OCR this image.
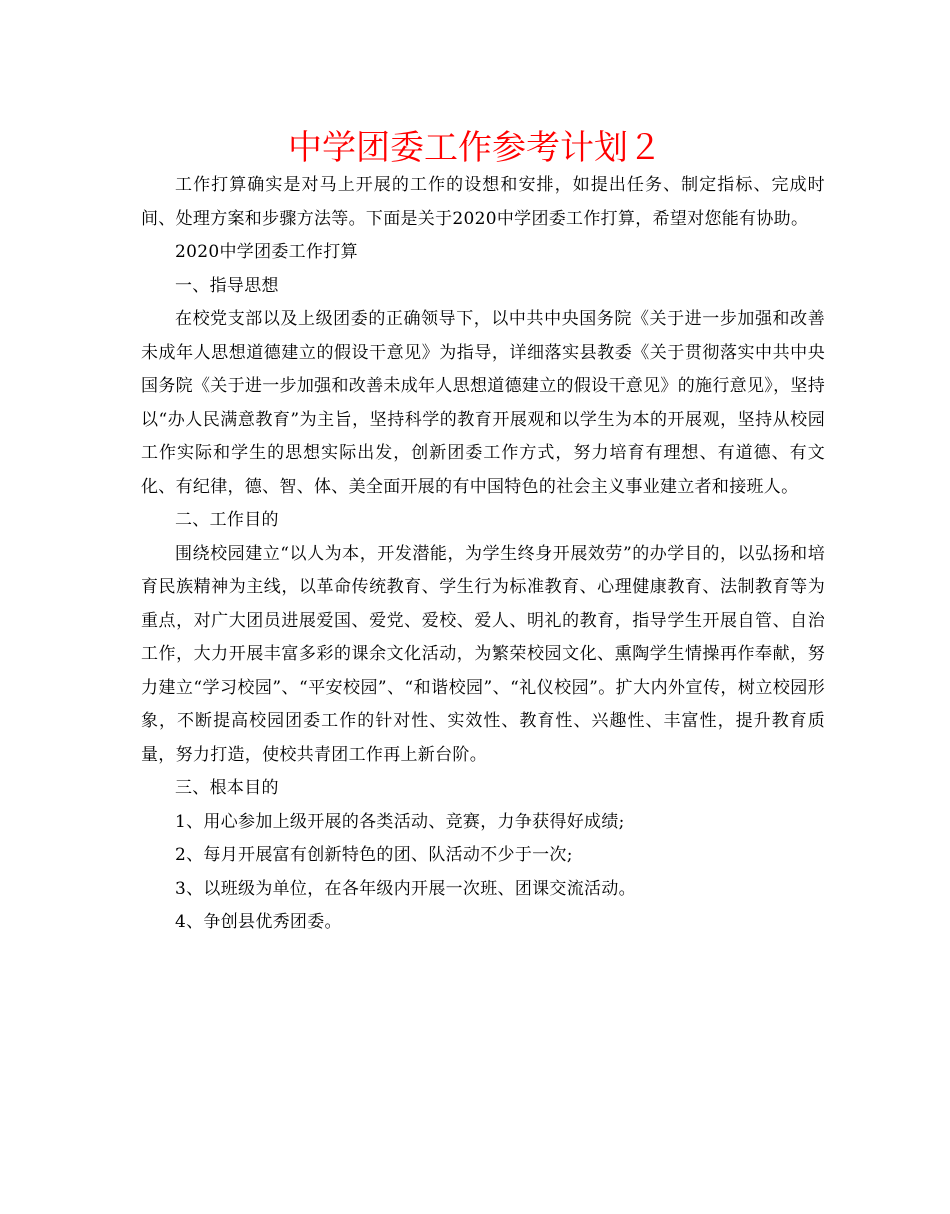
中学团委工作参考计划２

工作打算确实是对马上开展的工作的设想和安排，如提出任务、制定指标、完成时间、处理方案和步骤方法等。下面是关于2020中学团委工作打算，希望对您能有协助。

2020中学团委工作打算

一、指导思想

在校党支部以及上级团委的正确领导下，以中共中央国务院《关于进一步加强和改善未成年人思想道德建立的假设干意见》为指导，详细落实县教委《关于贯彻落实中共中央国务院《关于进一步加强和改善未成年人思想道德建立的假设干意见》的施行意见》，坚持以“办人民满意教育”为主旨，坚持科学的教育开展观和以学生为本的开展观，坚持从校园工作实际和学生的思想实际出发，创新团委工作方式，努力培育有理想、有道德、有文化、有纪律，德、智、体、美全面开展的有中国特色的社会主义事业建立者和接班人。

二、工作目的

围绕校园建立“以人为本，开发潜能，为学生终身开展效劳”的办学目的，以弘扬和培育民族精神为主线，以革命传统教育、学生行为标准教育、心理健康教育、法制教育等为重点，对广大团员进展爱国、爱党、爱校、爱人、明礼的教育，指导学生开展自管、自治工作，大力开展丰富多彩的课余文化活动，为繁荣校园文化、熏陶学生情操再作奉献，努力建立“学习校园”、“平安校园”、“和谐校园”、“礼仪校园”。扩大内外宣传，树立校园形象，不断提高校园团委工作的针对性、实效性、教育性、兴趣性、丰富性，提升教育质量，努力打造，使校共青团工作再上新台阶。

三、根本目的

1、用心参加上级开展的各类活动、竞赛，力争获得好成绩;

2、每月开展富有创新特色的团、队活动不少于一次;

3、以班级为单位，在各年级内开展一次班、团课交流活动。

4、争创县优秀团委。
